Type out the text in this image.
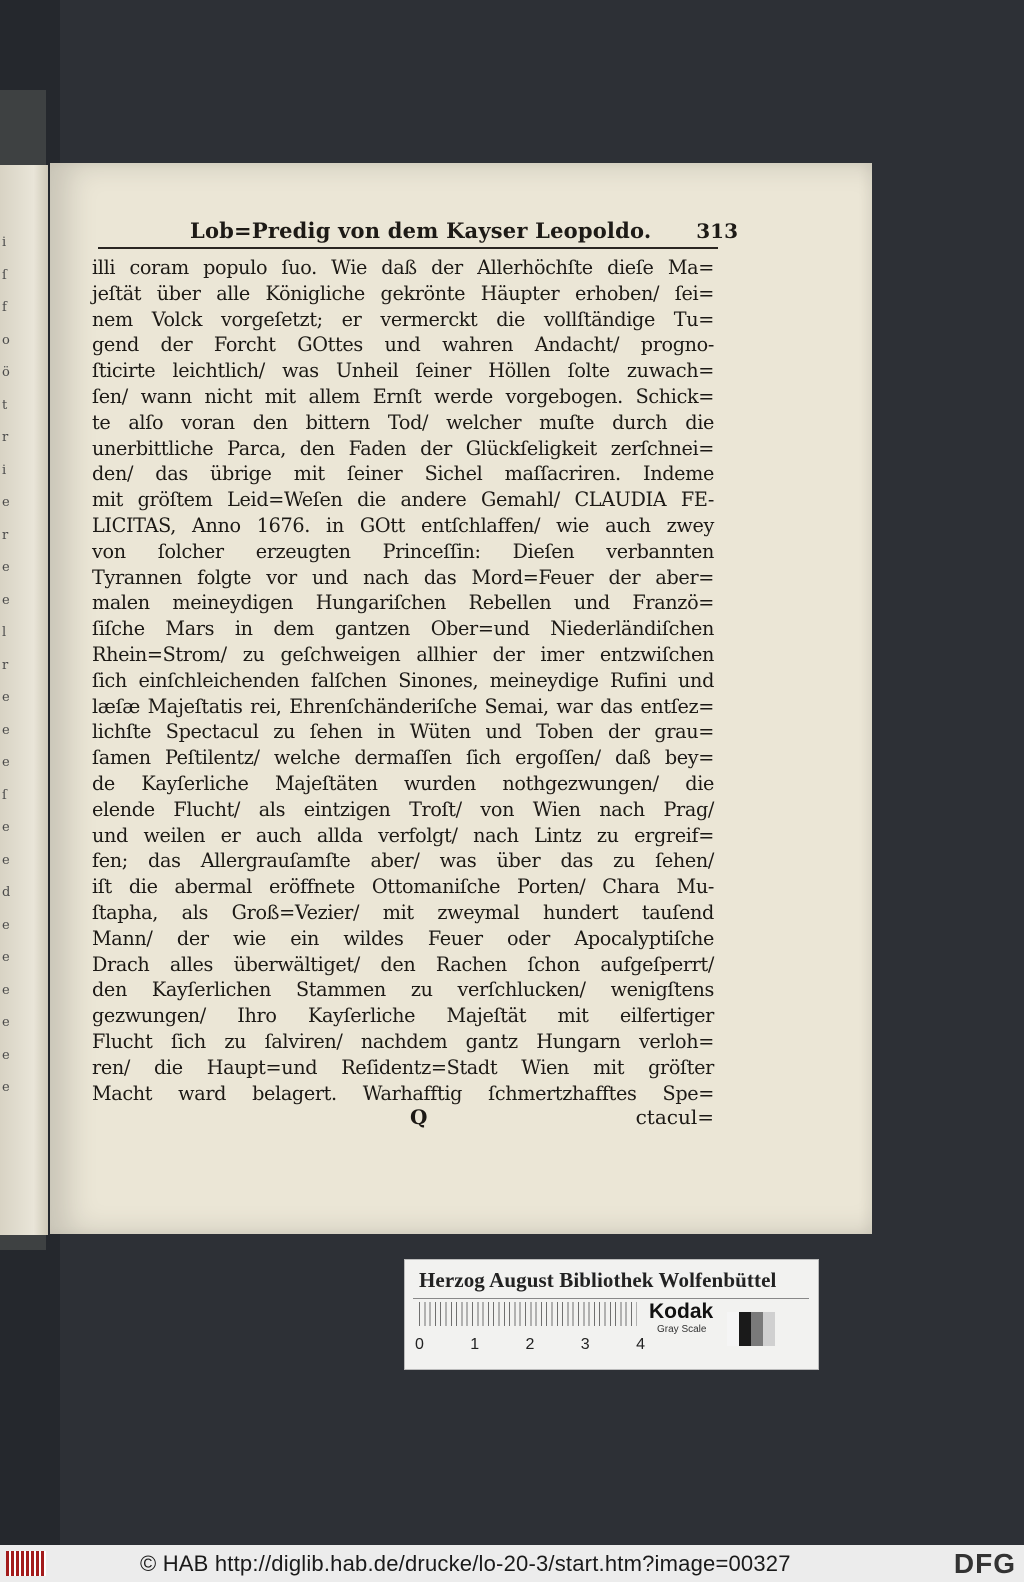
i
ſ
f
o
ö
t
r
i
e
r
e
e
l
r
e
e
e
ſ
e
e
d
e
e
e
e
e
e
Lob=Predig von dem Kayser Leopoldo. 313
illi coram populo ſuo. Wie daß der Allerhöchſte dieſe Ma=
jeſtät über alle Königliche gekrönte Häupter erhoben/ ſei=
nem Volck vorgeſetzt; er vermerckt die vollſtändige Tu=
gend der Forcht GOttes und wahren Andacht/ progno-
ſticirte leichtlich/ was Unheil ſeiner Höllen ſolte zuwach=
ſen/ wann nicht mit allem Ernſt werde vorgebogen. Schick=
te alſo voran den bittern Tod/ welcher muſte durch die
unerbittliche Parca, den Faden der Glückſeligkeit zerſchnei=
den/ das übrige mit ſeiner Sichel maſſacriren. Indeme
mit gröſtem Leid=Weſen die andere Gemahl/ CLAUDIA FE-
LICITAS, Anno 1676. in GOtt entſchlaffen/ wie auch zwey
von ſolcher erzeugten Princeſſin: Dieſen verbannten
Tyrannen folgte vor und nach das Mord=Feuer der aber=
malen meineydigen Hungariſchen Rebellen und Franzö=
ſiſche Mars in dem gantzen Ober=und Niederländiſchen
Rhein=Strom/ zu geſchweigen allhier der imer entzwiſchen
ſich einſchleichenden falſchen Sinones, meineydige Rufini und
læſæ Majeſtatis rei, Ehrenſchänderiſche Semai, war das entſez=
lichſte Spectacul zu ſehen in Wüten und Toben der grau=
ſamen Peſtilentz/ welche dermaſſen ſich ergoſſen/ daß bey=
de Kayſerliche Majeſtäten wurden nothgezwungen/ die
elende Flucht/ als eintzigen Troſt/ von Wien nach Prag/
und weilen er auch allda verfolgt/ nach Lintz zu ergreif=
fen; das Allergrauſamſte aber/ was über das zu ſehen/
iſt die abermal eröffnete Ottomaniſche Porten/ Chara Mu-
ſtapha, als Groß=Vezier/ mit zweymal hundert tauſend
Mann/ der wie ein wildes Feuer oder Apocalyptiſche
Drach alles überwältiget/ den Rachen ſchon aufgeſperrt/
den Kayſerlichen Stammen zu verſchlucken/ wenigſtens
gezwungen/ Ihro Kayſerliche Majeſtät mit eilfertiger
Flucht ſich zu ſalviren/ nachdem gantz Hungarn verloh=
ren/ die Haupt=und Reſidentz=Stadt Wien mit gröſter
Macht ward belagert. Warhafftig ſchmertzhafftes Spe=
Q	ctacul=
Herzog August Bibliothek Wolfenbüttel
0	1	2	3	4
Kodak
Gray Scale
© HAB http://diglib.hab.de/drucke/lo-20-3/start.htm?image=00327	DFG
